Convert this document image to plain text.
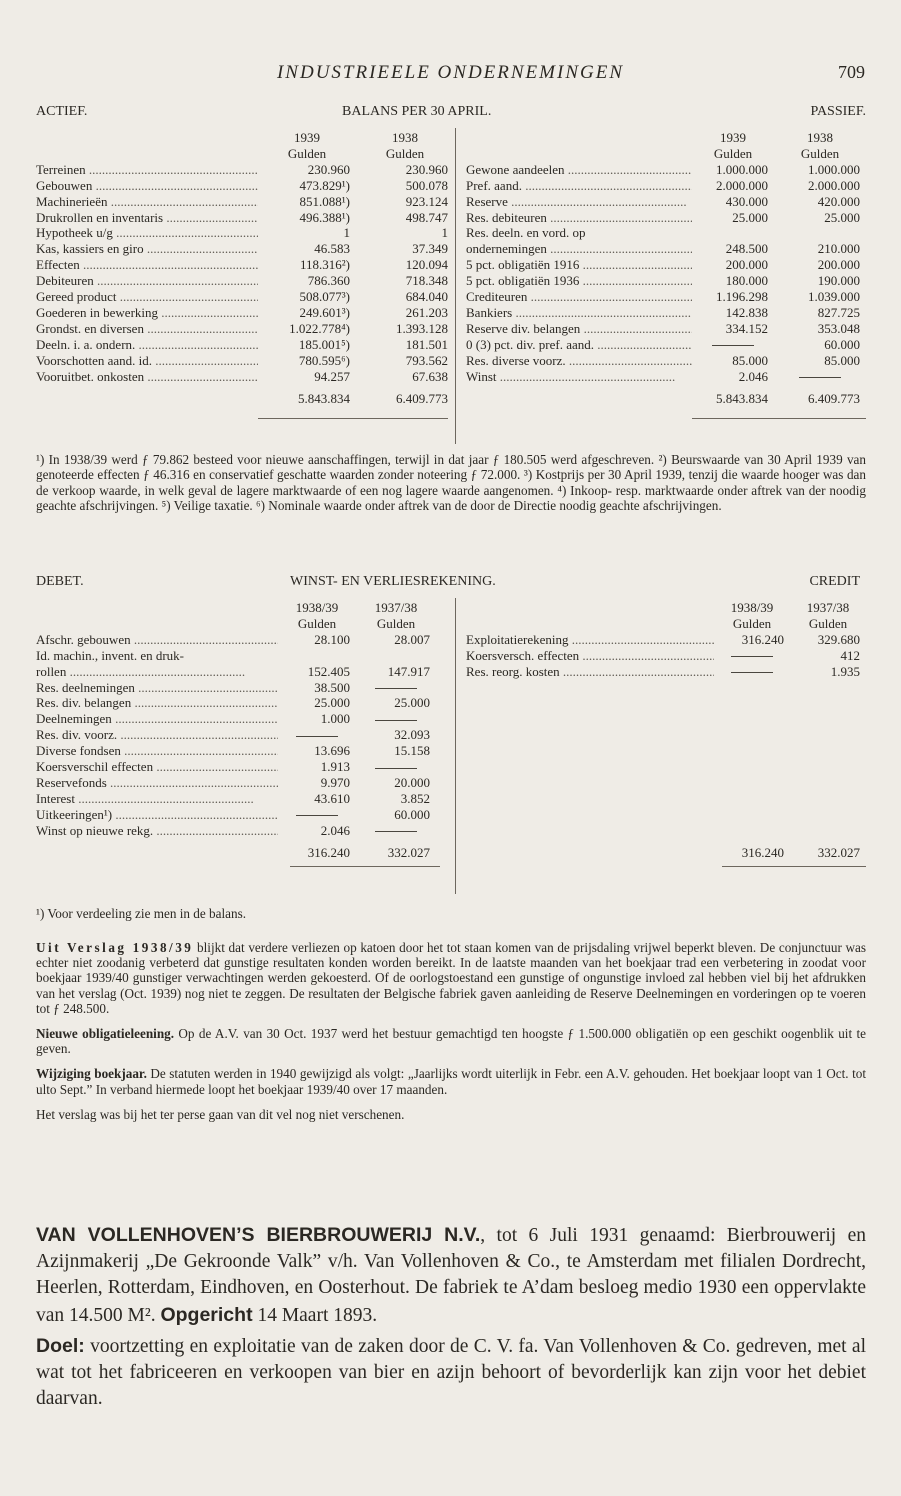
INDUSTRIEELE ONDERNEMINGEN	709
ACTIEF.	BALANS PER 30 APRIL.	PASSIEF.
	1939	1938
	Gulden	Gulden
Terreinen .....	230.960	230.960
Gebouwen .....	473.829¹)	500.078
Machinerieën .....	851.088¹)	923.124
Drukrollen en inventaris .....	496.388¹)	498.747
Hypotheek u/g .....	1	1
Kas, kassiers en giro .....	46.583	37.349
Effecten .....	118.316²)	120.094
Debiteuren .....	786.360	718.348
Gereed product .....	508.077³)	684.040
Goederen in bewerking .....	249.601³)	261.203
Grondst. en diversen .....	1.022.778⁴)	1.393.128
Deeln. i. a. ondern. .....	185.001⁵)	181.501
Voorschotten aand. id. .....	780.595⁶)	793.562
Vooruitbet. onkosten .....	94.257	67.638
	5.843.834	6.409.773
	1939	1938
	Gulden	Gulden
Gewone aandeelen .....	1.000.000	1.000.000
Pref. aand. .....	2.000.000	2.000.000
Reserve .....	430.000	420.000
Res. debiteuren .....	25.000	25.000
Res. deeln. en vord. op		
ondernemingen .....	248.500	210.000
5 pct. obligatiën 1916 .....	200.000	200.000
5 pct. obligatiën 1936 .....	180.000	190.000
Crediteuren .....	1.196.298	1.039.000
Bankiers .....	142.838	827.725
Reserve div. belangen .....	334.152	353.048
0 (3) pct. div. pref. aand. .....		60.000
Res. diverse voorz. .....	85.000	85.000
Winst .....	2.046	
	5.843.834	6.409.773

¹) In 1938/39 werd ƒ 79.862 besteed voor nieuwe aanschaffingen, terwijl in dat jaar ƒ 180.505 werd afgeschreven. ²) Beurswaarde van 30 April 1939 van genoteerde effecten ƒ 46.316 en conservatief geschatte waarden zonder noteering ƒ 72.000. ³) Kostprijs per 30 April 1939, tenzij die waarde hooger was dan de verkoop waarde, in welk geval de lagere marktwaarde of een nog lagere waarde aangenomen. ⁴) Inkoop- resp. marktwaarde onder aftrek van der noodig geachte afschrijvingen. ⁵) Veilige taxatie. ⁶) Nominale waarde onder aftrek van de door de Directie noodig geachte afschrijvingen.

DEBET.	WINST- EN VERLIESREKENING.	CREDIT
	1938/39	1937/38
	Gulden	Gulden
Afschr. gebouwen .....	28.100	28.007
Id. machin., invent. en druk-		
rollen .....	152.405	147.917
Res. deelnemingen .....	38.500	
Res. div. belangen .....	25.000	25.000
Deelnemingen .....	1.000	
Res. div. voorz. .....		32.093
Diverse fondsen .....	13.696	15.158
Koersverschil effecten .....	1.913	
Reservefonds .....	9.970	20.000
Interest .....	43.610	3.852
Uitkeeringen¹) .....		60.000
Winst op nieuwe rekg. .....	2.046	
	316.240	332.027
	1938/39	1937/38
	Gulden	Gulden
Exploitatierekening .....	316.240	329.680
Koersversch. effecten .....		412
Res. reorg. kosten .....		1.935

	316.240	332.027

¹) Voor verdeeling zie men in de balans.

Uit Verslag 1938/39 blijkt dat verdere verliezen op katoen door het tot staan komen van de prijsdaling vrijwel beperkt bleven. De conjunctuur was echter niet zoodanig verbeterd dat gunstige resultaten konden worden bereikt. In de laatste maanden van het boekjaar trad een verbetering in zoodat voor boekjaar 1939/40 gunstiger verwachtingen werden gekoesterd. Of de oorlogstoestand een gunstige of ongunstige invloed zal hebben viel bij het afdrukken van het verslag (Oct. 1939) nog niet te zeggen. De resultaten der Belgische fabriek gaven aanleiding de Reserve Deelnemingen en vorderingen op te voeren tot ƒ 248.500.

Nieuwe obligatieleening. Op de A.V. van 30 Oct. 1937 werd het bestuur gemachtigd ten hoogste ƒ 1.500.000 obligatiën op een geschikt oogenblik uit te geven.

Wijziging boekjaar. De statuten werden in 1940 gewijzigd als volgt: „Jaarlijks wordt uiterlijk in Febr. een A.V. gehouden. Het boekjaar loopt van 1 Oct. tot ulto Sept.” In verband hiermede loopt het boekjaar 1939/40 over 17 maanden.

Het verslag was bij het ter perse gaan van dit vel nog niet verschenen.

VAN VOLLENHOVEN’S BIERBROUWERIJ N.V., tot 6 Juli 1931 genaamd: Bierbrouwerij en Azijnmakerij „De Gekroonde Valk” v/h. Van Vollenhoven & Co., te Amsterdam met filialen Dordrecht, Heerlen, Rotterdam, Eindhoven, en Oosterhout. De fabriek te A’dam besloeg medio 1930 een oppervlakte van 14.500 M². Opgericht 14 Maart 1893.

Doel: voortzetting en exploitatie van de zaken door de C. V. fa. Van Vollenhoven & Co. gedreven, met al wat tot het fabriceeren en verkoopen van bier en azijn behoort of bevorderlijk kan zijn voor het debiet daarvan.
